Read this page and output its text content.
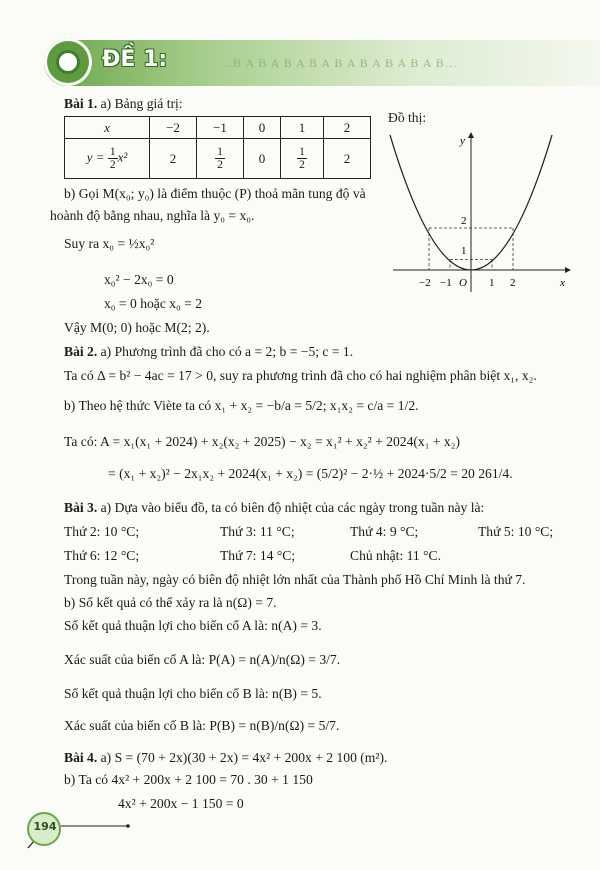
…B A B A B A B A B A B A B A B A B…
ĐỀ 1:
Bài 1. a) Bảng giá trị:
Đồ thị:
x	−2	−1	0	1	2
$y = \frac{1}{2} x^2$	2	$\frac{1}{2}$	0	$\frac{1}{2}$	2
b) Gọi M(x₀; y₀) là điểm thuộc (P) thoả mãn tung độ và
hoành độ bằng nhau, nghĩa là y₀ = x₀.
Suy ra x₀ = ½x₀²
x₀² − 2x₀ = 0
x₀ = 0 hoặc x₀ = 2
Vậy M(0; 0) hoặc M(2; 2).
x
y
O
−2 −1	1 2
1
2
Bài 2. a) Phương trình đã cho có a = 2; b = −5; c = 1.
Ta có Δ = b² − 4ac = 17 > 0, suy ra phương trình đã cho có hai nghiệm phân biệt x₁, x₂.
b) Theo hệ thức Viète ta có x₁ + x₂ = −b/a = 5/2; x₁x₂ = c/a = 1/2.
Ta có: A = x₁(x₁ + 2024) + x₂(x₂ + 2025) − x₂ = x₁² + x₂² + 2024(x₁ + x₂)
= (x₁ + x₂)² − 2x₁x₂ + 2024(x₁ + x₂) = (5/2)² − 2·½ + 2024·5/2 = 20 261/4.
Bài 3. a) Dựa vào biểu đồ, ta có biên độ nhiệt của các ngày trong tuần này là:
Thứ 2: 10 °C;	Thứ 3: 11 °C;	Thứ 4: 9 °C;	Thứ 5: 10 °C;
Thứ 6: 12 °C;	Thứ 7: 14 °C;	Chủ nhật: 11 °C.
Trong tuần này, ngày có biên độ nhiệt lớn nhất của Thành phố Hồ Chí Minh là thứ 7.
b) Số kết quả có thể xảy ra là n(Ω) = 7.
Số kết quả thuận lợi cho biến cố A là: n(A) = 3.
Xác suất của biến cố A là: P(A) = n(A)/n(Ω) = 3/7.
Số kết quả thuận lợi cho biến cố B là: n(B) = 5.
Xác suất của biến cố B là: P(B) = n(B)/n(Ω) = 5/7.
Bài 4. a) S = (70 + 2x)(30 + 2x) = 4x² + 200x + 2 100 (m²).
b) Ta có 4x² + 200x + 2 100 = 70 . 30 + 1 150
4x² + 200x − 1 150 = 0
194
